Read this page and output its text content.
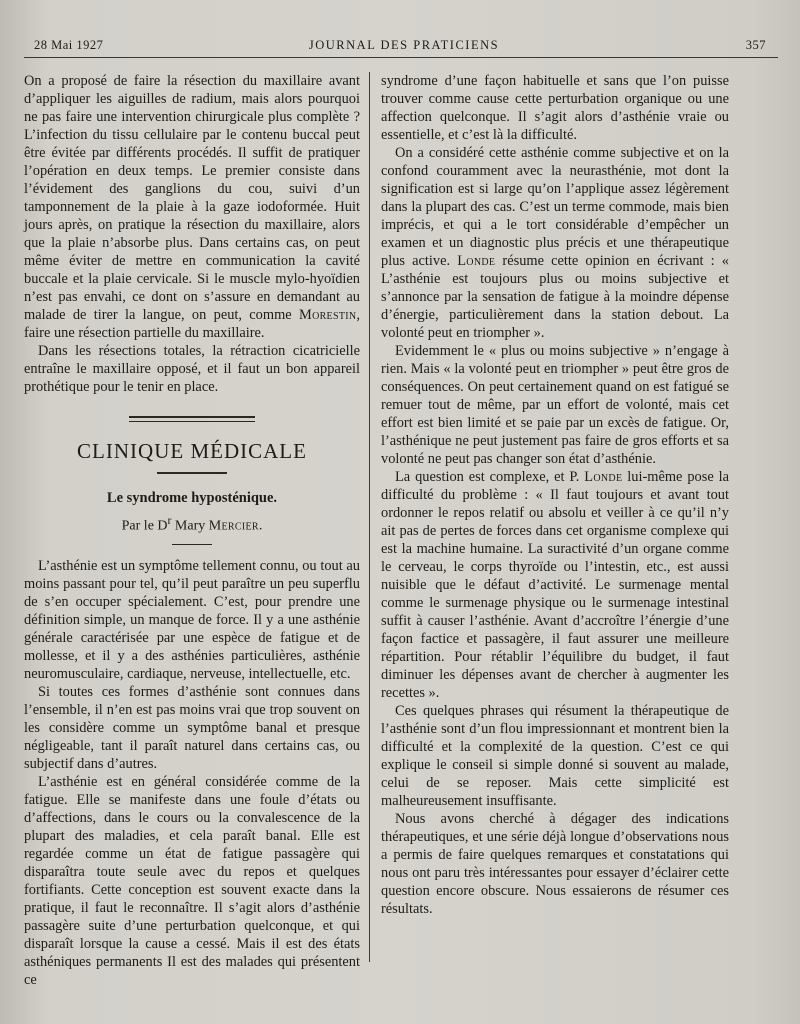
28 Mai 1927	JOURNAL DES PRATICIENS	357

On a proposé de faire la résection du maxillaire avant d’appliquer les aiguilles de radium, mais alors pourquoi ne pas faire une intervention chirurgicale plus complète ? L’infection du tissu cellulaire par le contenu buccal peut être évitée par différents procédés. Il suffit de pratiquer l’opération en deux temps. Le premier consiste dans l’évidement des ganglions du cou, suivi d’un tamponnement de la plaie à la gaze iodoformée. Huit jours après, on pratique la résection du maxillaire, alors que la plaie n’absorbe plus. Dans certains cas, on peut même éviter de mettre en communication la cavité buccale et la plaie cervicale. Si le muscle mylo-hyoïdien n’est pas envahi, ce dont on s’assure en demandant au malade de tirer la langue, on peut, comme Morestin, faire une résection partielle du maxillaire.

Dans les résections totales, la rétraction cicatricielle entraîne le maxillaire opposé, et il faut un bon appareil prothétique pour le tenir en place.

CLINIQUE MÉDICALE
Le syndrome hyposténique.
Par le $D^r$ Mary Mercier.

L’asthénie est un symptôme tellement connu, ou tout au moins passant pour tel, qu’il peut paraître un peu superflu de s’en occuper spécialement. C’est, pour prendre une définition simple, un manque de force. Il y a une asthénie générale caractérisée par une espèce de fatigue et de mollesse, et il y a des asthénies particulières, asthénie neuromusculaire, cardiaque, nerveuse, intellectuelle, etc.

Si toutes ces formes d’asthénie sont connues dans l’ensemble, il n’en est pas moins vrai que trop souvent on les considère comme un symptôme banal et presque négligeable, tant il paraît naturel dans certains cas, ou subjectif dans d’autres.

L’asthénie est en général considérée comme de la fatigue. Elle se manifeste dans une foule d’états ou d’affections, dans le cours ou la convalescence de la plupart des maladies, et cela paraît banal. Elle est regardée comme un état de fatigue passagère qui disparaîtra toute seule avec du repos et quelques fortifiants. Cette conception est souvent exacte dans la pratique, il faut le reconnaître. Il s’agit alors d’asthénie passagère suite d’une perturbation quelconque, et qui disparaît lorsque la cause a cessé. Mais il est des états asthéniques permanents Il est des malades qui présentent ce

syndrome d’une façon habituelle et sans que l’on puisse trouver comme cause cette perturbation organique ou une affection quelconque. Il s’agit alors d’asthénie vraie ou essentielle, et c’est là la difficulté.

On a considéré cette asthénie comme subjective et on la confond couramment avec la neurasthénie, mot dont la signification est si large qu’on l’applique assez légèrement dans la plupart des cas. C’est un terme commode, mais bien imprécis, et qui a le tort considérable d’empêcher un examen et un diagnostic plus précis et une thérapeutique plus active. Londe résume cette opinion en écrivant : « L’asthénie est toujours plus ou moins subjective et s’annonce par la sensation de fatigue à la moindre dépense d’énergie, particulièrement dans la station debout. La volonté peut en triompher ».

Evidemment le « plus ou moins subjective » n’engage à rien. Mais « la volonté peut en triompher » peut être gros de conséquences. On peut certainement quand on est fatigué se remuer tout de même, par un effort de volonté, mais cet effort est bien limité et se paie par un excès de fatigue. Or, l’asthénique ne peut justement pas faire de gros efforts et sa volonté ne peut pas changer son état d’asthénie.

La question est complexe, et P. Londe lui-même pose la difficulté du problème : « Il faut toujours et avant tout ordonner le repos relatif ou absolu et veiller à ce qu’il n’y ait pas de pertes de forces dans cet organisme complexe qui est la machine humaine. La suractivité d’un organe comme le cerveau, le corps thyroïde ou l’intestin, etc., est aussi nuisible que le défaut d’activité. Le surmenage mental comme le surmenage physique ou le surmenage intestinal suffit à causer l’asthénie. Avant d’accroître l’énergie d’une façon factice et passagère, il faut assurer une meilleure répartition. Pour rétablir l’équilibre du budget, il faut diminuer les dépenses avant de chercher à augmenter les recettes ».

Ces quelques phrases qui résument la thérapeutique de l’asthénie sont d’un flou impressionnant et montrent bien la difficulté et la complexité de la question. C’est ce qui explique le conseil si simple donné si souvent au malade, celui de se reposer. Mais cette simplicité est malheureusement insuffisante.

Nous avons cherché à dégager des indications thérapeutiques, et une série déjà longue d’observations nous a permis de faire quelques remarques et constatations qui nous ont paru très intéressantes pour essayer d’éclairer cette question encore obscure. Nous essaierons de résumer ces résultats.
